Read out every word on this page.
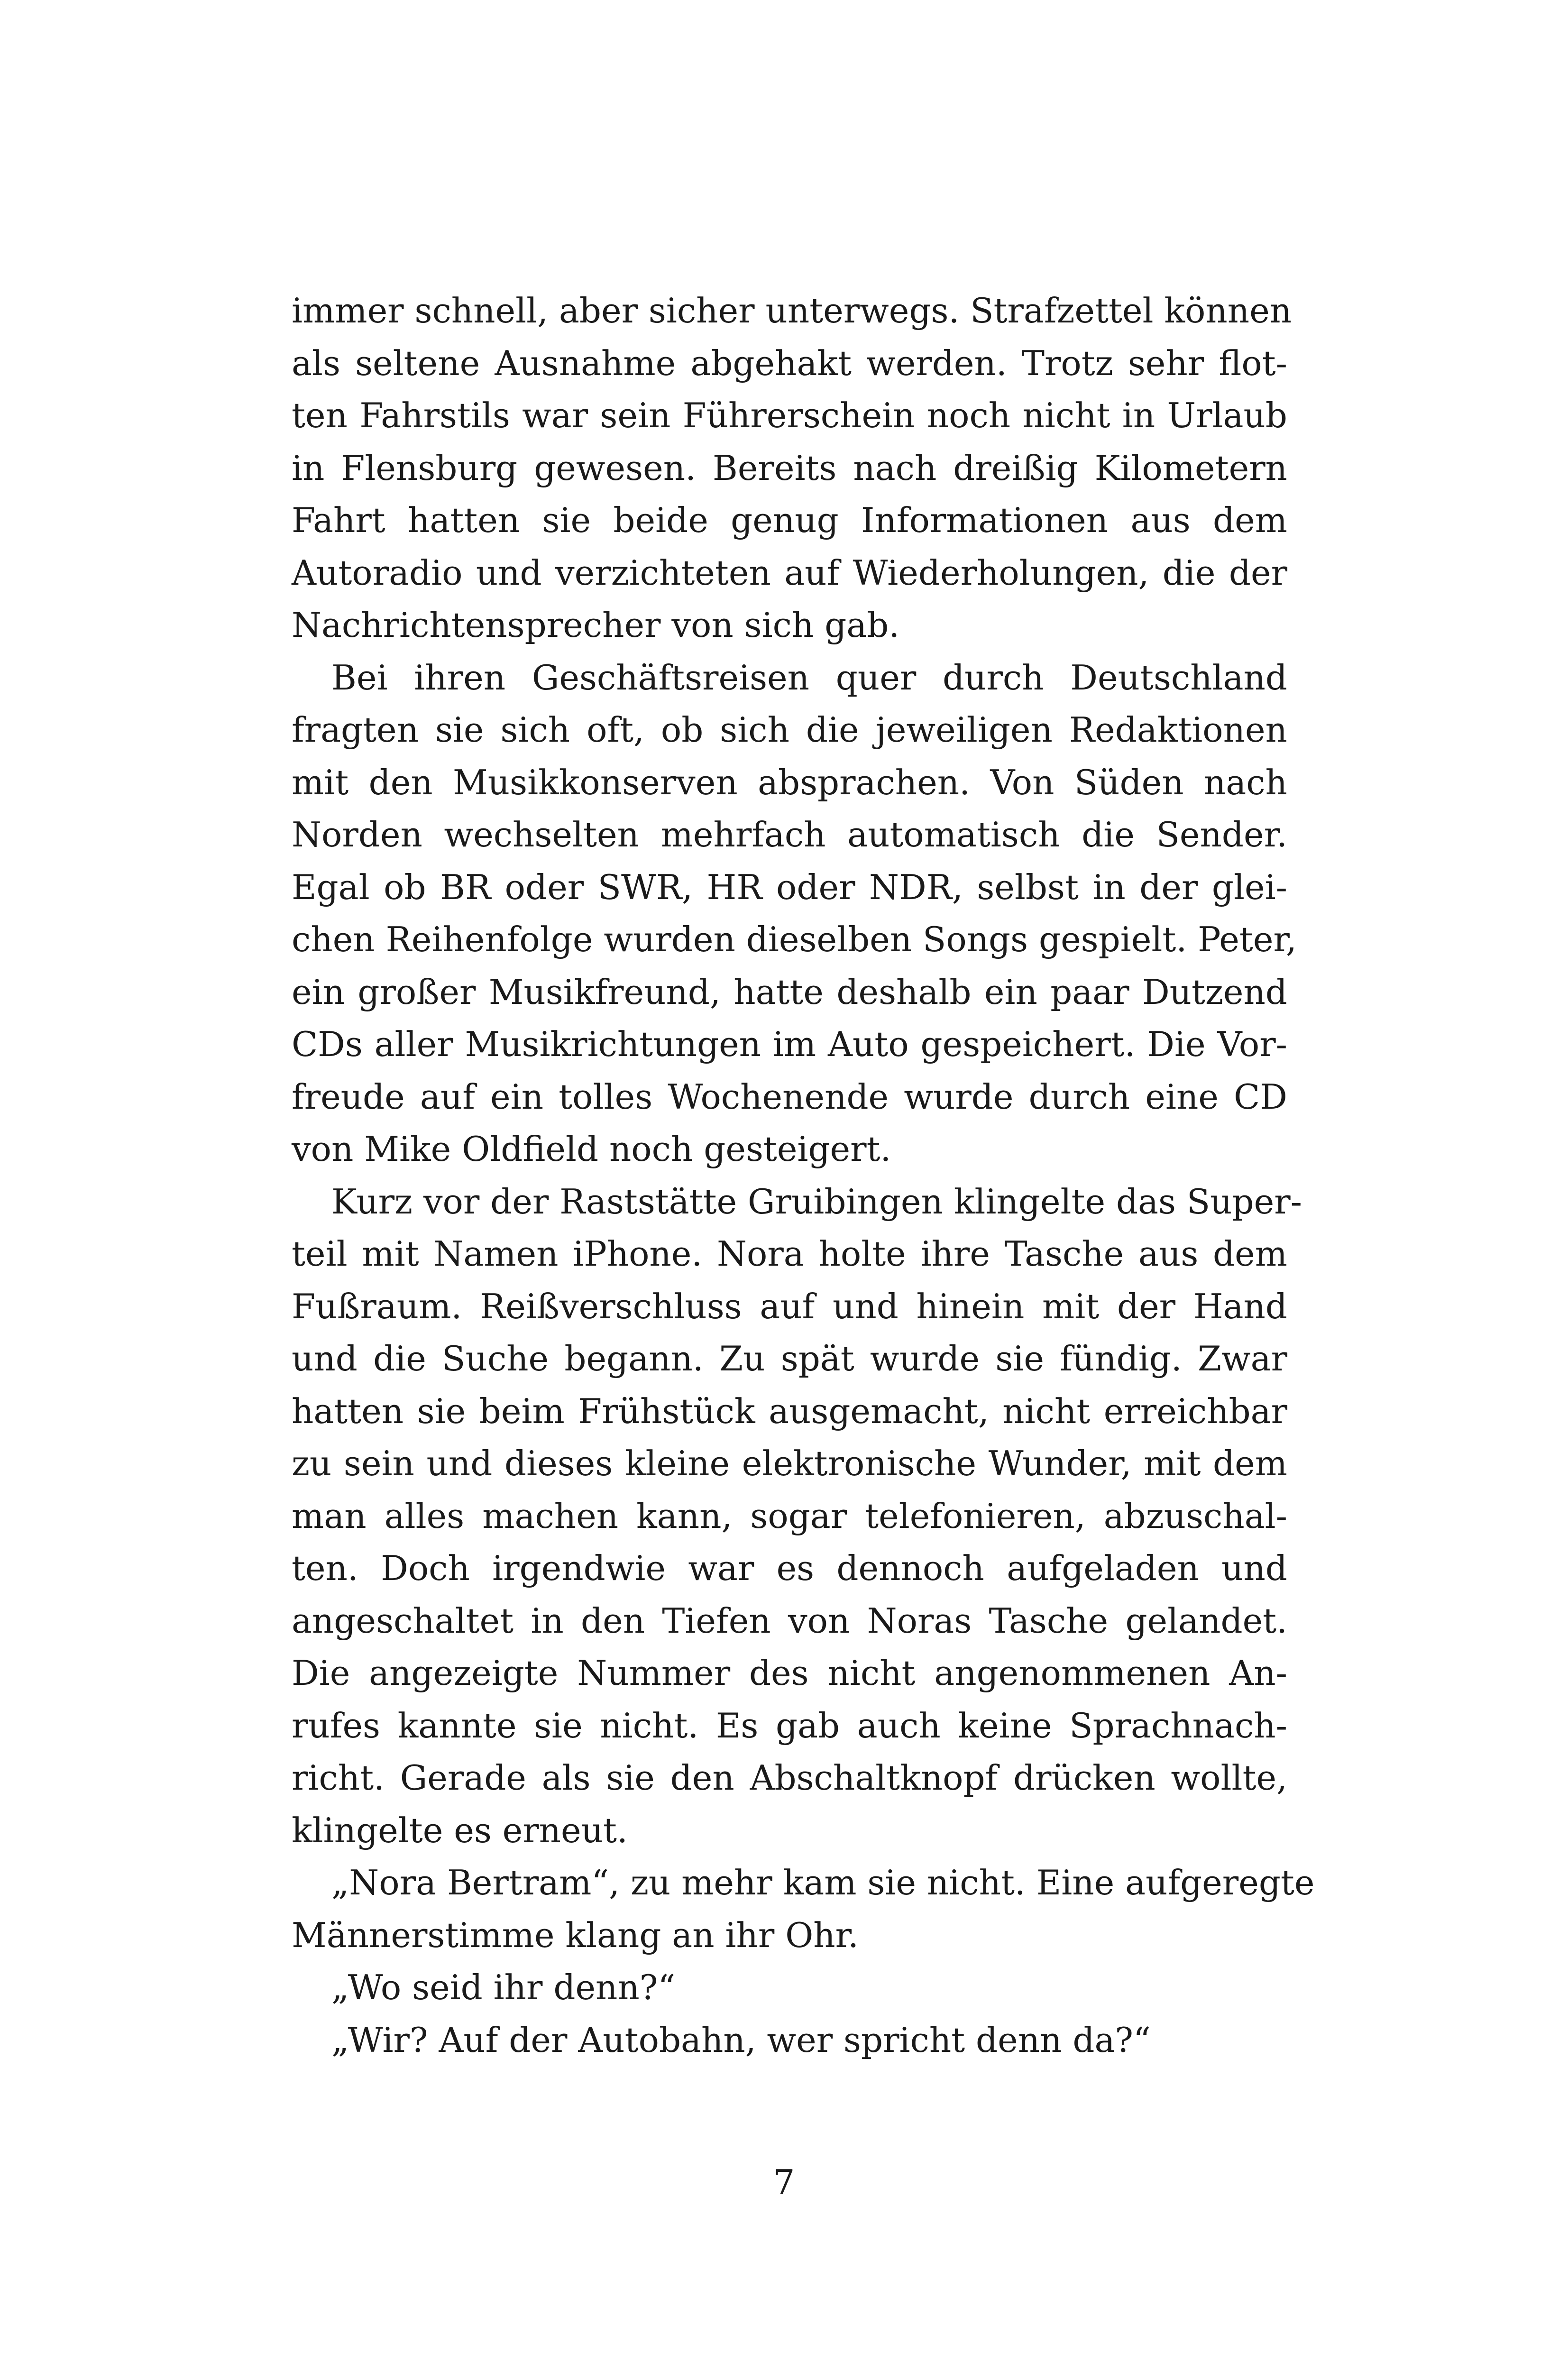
immer schnell, aber sicher unterwegs. Strafzettel können
als seltene Ausnahme abgehakt werden. Trotz sehr flot-
ten Fahrstils war sein Führerschein noch nicht in Urlaub
in Flensburg gewesen. Bereits nach dreißig Kilometern
Fahrt hatten sie beide genug Informationen aus dem
Autoradio und verzichteten auf Wiederholungen, die der
Nachrichtensprecher von sich gab.
Bei ihren Geschäftsreisen quer durch Deutschland
fragten sie sich oft, ob sich die jeweiligen Redaktionen
mit den Musikkonserven absprachen. Von Süden nach
Norden wechselten mehrfach automatisch die Sender.
Egal ob BR oder SWR, HR oder NDR, selbst in der glei-
chen Reihenfolge wurden dieselben Songs gespielt. Peter,
ein großer Musikfreund, hatte deshalb ein paar Dutzend
CDs aller Musikrichtungen im Auto gespeichert. Die Vor-
freude auf ein tolles Wochenende wurde durch eine CD
von Mike Oldfield noch gesteigert.
Kurz vor der Raststätte Gruibingen klingelte das Super-
teil mit Namen iPhone. Nora holte ihre Tasche aus dem
Fußraum. Reißverschluss auf und hinein mit der Hand
und die Suche begann. Zu spät wurde sie fündig. Zwar
hatten sie beim Frühstück ausgemacht, nicht erreichbar
zu sein und dieses kleine elektronische Wunder, mit dem
man alles machen kann, sogar telefonieren, abzuschal-
ten. Doch irgendwie war es dennoch aufgeladen und
angeschaltet in den Tiefen von Noras Tasche gelandet.
Die angezeigte Nummer des nicht angenommenen An-
rufes kannte sie nicht. Es gab auch keine Sprachnach-
richt. Gerade als sie den Abschaltknopf drücken wollte,
klingelte es erneut.
„Nora Bertram“, zu mehr kam sie nicht. Eine aufgeregte
Männerstimme klang an ihr Ohr.
„Wo seid ihr denn?“
„Wir? Auf der Autobahn, wer spricht denn da?“
7
